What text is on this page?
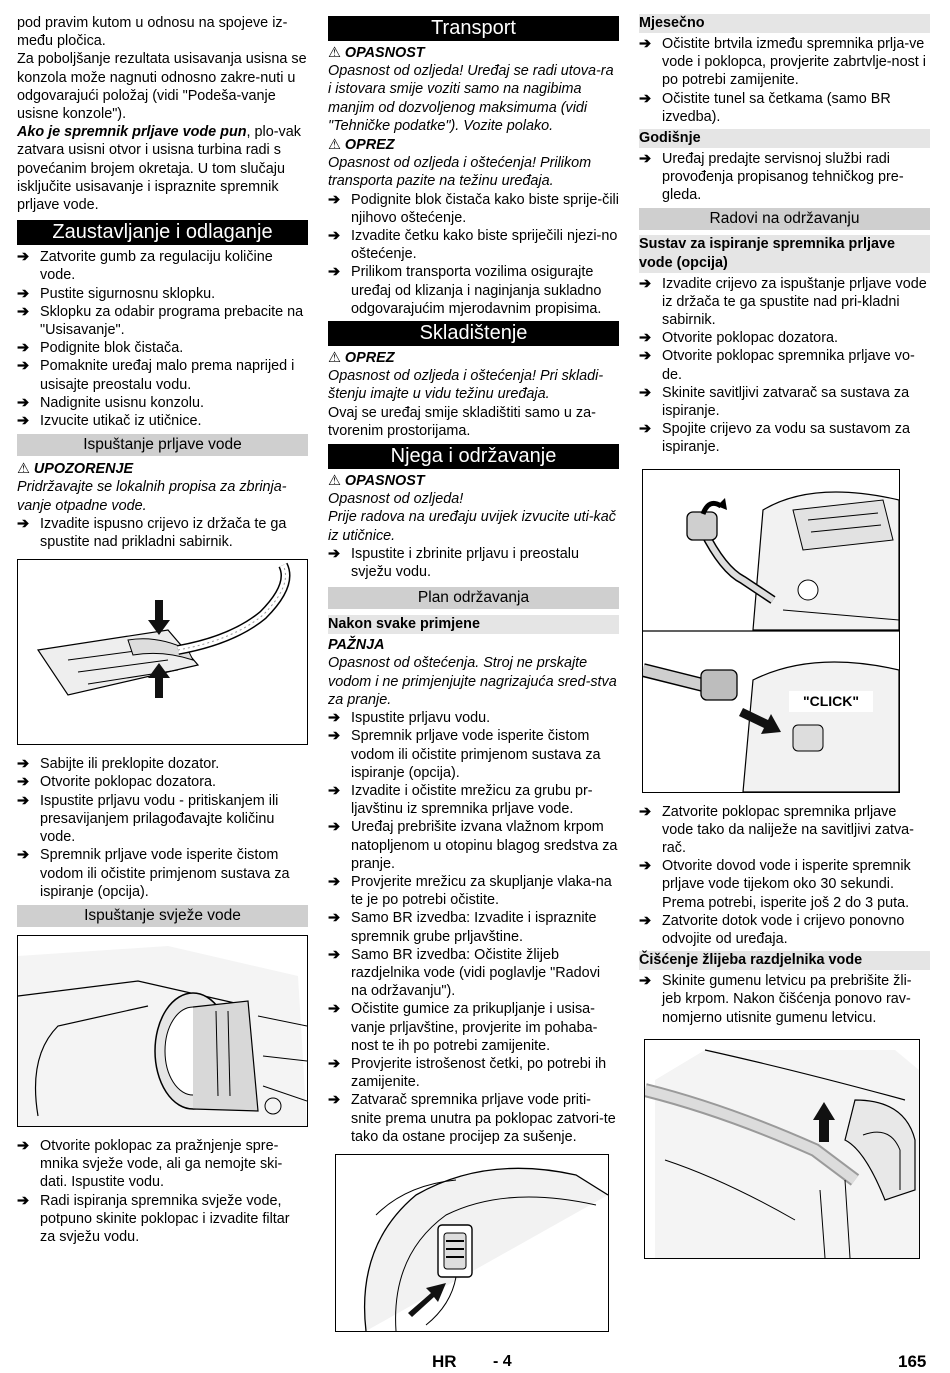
pod pravim kutom u odnosu na spojeve iz-među pločica.

Za poboljšanje rezultata usisavanja usisna se konzola može nagnuti odnosno zakre-nuti u odgovarajući položaj (vidi "Podeša-vanje usisne konzole").

Ako je spremnik prljave vode pun, plo-vak zatvara usisni otvor i usisna turbina radi s povećanim brojem okretaja. U tom slučaju isključite usisavanje i ispraznite spremnik prljave vode.

Zaustavljanje i odlaganje
➔ Zatvorite gumb za regulaciju količine vode.
➔ Pustite sigurnosnu sklopku.
➔ Sklopku za odabir programa prebacite na "Usisavanje".
➔ Podignite blok čistača.
➔ Pomaknite uređaj malo prema naprijed i usisajte preostalu vodu.
➔ Nadignite usisnu konzolu.
➔ Izvucite utikač iz utičnice.
Ispuštanje prljave vode

⚠ UPOZORENJE

Pridržavajte se lokalnih propisa za zbrinja-vanje otpadne vode.

➔ Izvadite ispusno crijevo iz držača te ga spustite nad prikladni sabirnik.
➔ Sabijte ili preklopite dozator.
➔ Otvorite poklopac dozatora.
➔ Ispustite prljavu vodu - pritiskanjem ili presavijanjem prilagođavajte količinu vode.
➔ Spremnik prljave vode isperite čistom vodom ili očistite primjenom sustava za ispiranje (opcija).
Ispuštanje svježe vode
➔ Otvorite poklopac za pražnjenje spre-mnika svježe vode, ali ga nemojte ski-dati. Ispustite vodu.
➔ Radi ispiranja spremnika svježe vode, potpuno skinite poklopac i izvadite filtar za svježu vodu.
Transport

⚠ OPASNOST

Opasnost od ozljeda! Uređaj se radi utova-ra i istovara smije voziti samo na nagibima manjim od dozvoljenog maksimuma (vidi "Tehničke podatke"). Vozite polako.

⚠ OPREZ

Opasnost od ozljeda i oštećenja! Prilikom transporta pazite na težinu uređaja.

➔ Podignite blok čistača kako biste sprije-čili njihovo oštećenje.
➔ Izvadite četku kako biste spriječili njezi-no oštećenje.
➔ Prilikom transporta vozilima osigurajte uređaj od klizanja i naginjanja sukladno odgovarajućim mjerodavnim propisima.
Skladištenje

⚠ OPREZ

Opasnost od ozljeda i oštećenja! Pri skladi-štenju imajte u vidu težinu uređaja.

Ovaj se uređaj smije skladištiti samo u za-tvorenim prostorijama.

Njega i održavanje

⚠ OPASNOST

Opasnost od ozljeda!

Prije radova na uređaju uvijek izvucite uti-kač iz utičnice.

➔ Ispustite i zbrinite prljavu i preostalu svježu vodu.
Plan održavanja
Nakon svake primjene

PAŽNJA

Opasnost od oštećenja. Stroj ne prskajte vodom i ne primjenjujte nagrizajuća sred-stva za pranje.

➔ Ispustite prljavu vodu.
➔ Spremnik prljave vode isperite čistom vodom ili očistite primjenom sustava za ispiranje (opcija).
➔ Izvadite i očistite mrežicu za grubu pr-ljavštinu iz spremnika prljave vode.
➔ Uređaj prebrišite izvana vlažnom krpom natopljenom u otopinu blagog sredstva za pranje.
➔ Provjerite mrežicu za skupljanje vlaka-na te je po potrebi očistite.
➔ Samo BR izvedba: Izvadite i ispraznite spremnik grube prljavštine.
➔ Samo BR izvedba: Očistite žlijeb razdjelnika vode (vidi poglavlje "Radovi na održavanju").
➔ Očistite gumice za prikupljanje i usisa-vanje prljavštine, provjerite im pohaba-nost te ih po potrebi zamijenite.
➔ Provjerite istrošenost četki, po potrebi ih zamijenite.
➔ Zatvarač spremnika prljave vode priti-snite prema unutra pa poklopac zatvori-te tako da ostane procijep za sušenje.
Mjesečno
➔ Očistite brtvila između spremnika prlja-ve vode i poklopca, provjerite zabrtvlje-nost i po potrebi zamijenite.
➔ Očistite tunel sa četkama (samo BR izvedba).
Godišnje
➔ Uređaj predajte servisnoj službi radi provođenja propisanog tehničkog pre-gleda.
Radovi na održavanju
Sustav za ispiranje spremnika prljave vode (opcija)
➔ Izvadite crijevo za ispuštanje prljave vode iz držača te ga spustite nad pri-kladni sabirnik.
➔ Otvorite poklopac dozatora.
➔ Otvorite poklopac spremnika prljave vo-de.
➔ Skinite savitljivi zatvarač sa sustava za ispiranje.
➔ Spojite crijevo za vodu sa sustavom za ispiranje.
"CLICK"
➔ Zatvorite poklopac spremnika prljave vode tako da naliježe na savitljivi zatva-rač.
➔ Otvorite dovod vode i isperite spremnik prljave vode tijekom oko 30 sekundi. Prema potrebi, isperite još 2 do 3 puta.
➔ Zatvorite dotok vode i crijevo ponovno odvojite od uređaja.
Čišćenje žlijeba razdjelnika vode
➔ Skinite gumenu letvicu pa prebrišite žli-jeb krpom. Nakon čišćenja ponovo rav-nomjerno utisnite gumenu letvicu.
HR - 4	165
